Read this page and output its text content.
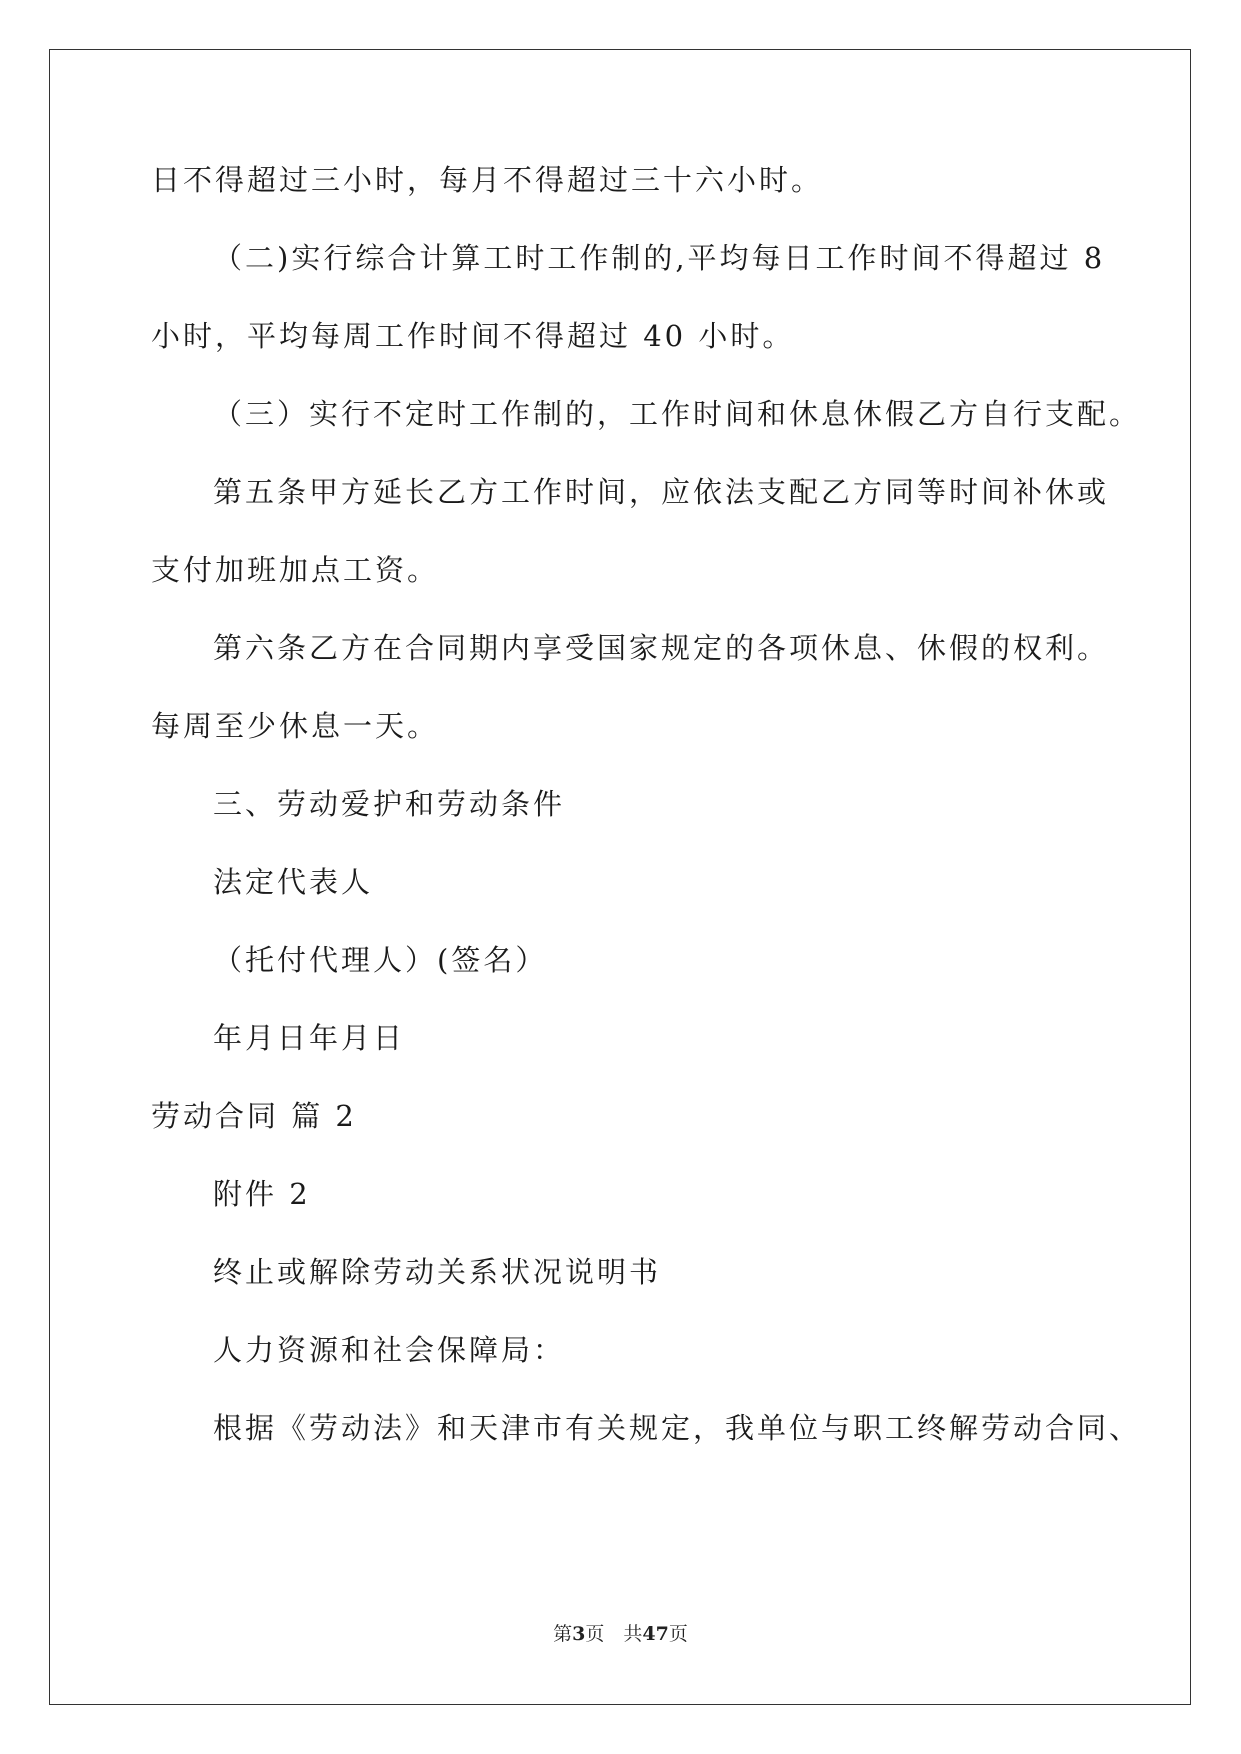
日不得超过三小时，每月不得超过三十六小时。
（二)实行综合计算工时工作制的,平均每日工作时间不得超过 8
小时，平均每周工作时间不得超过 40 小时。
（三）实行不定时工作制的，工作时间和休息休假乙方自行支配。
第五条甲方延长乙方工作时间，应依法支配乙方同等时间补休或
支付加班加点工资。
第六条乙方在合同期内享受国家规定的各项休息、休假的权利。
每周至少休息一天。
三、劳动爱护和劳动条件
法定代表人
（托付代理人）(签名）
年月日年月日
劳动合同 篇 2
附件 2
终止或解除劳动关系状况说明书
人力资源和社会保障局：
根据《劳动法》和天津市有关规定，我单位与职工终解劳动合同、
第3页　共47页
